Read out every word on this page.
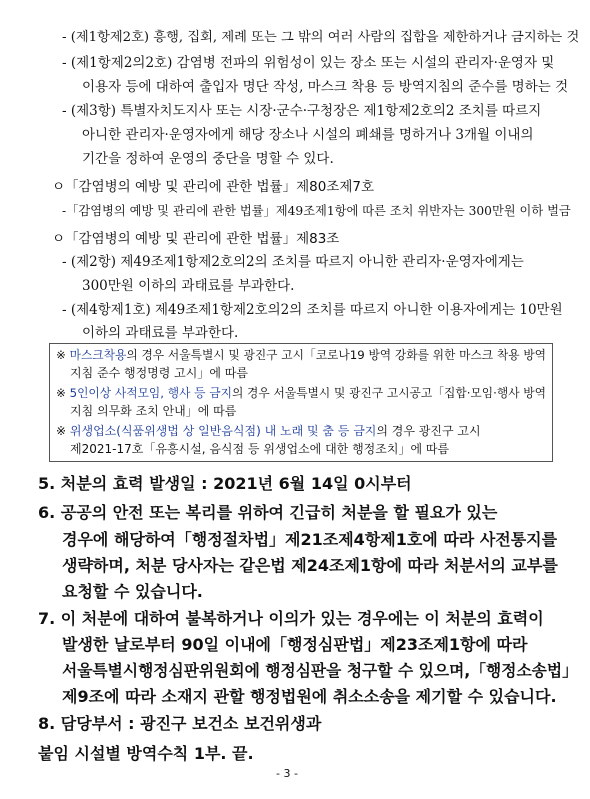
- (제1항제2호) 흥행, 집회, 제례 또는 그 밖의 여러 사람의 집합을 제한하거나 금지하는 것
- (제1항제2의2호) 감염병 전파의 위험성이 있는 장소 또는 시설의 관리자·운영자 및
이용자 등에 대하여 출입자 명단 작성, 마스크 착용 등 방역지침의 준수를 명하는 것
- (제3항) 특별자치도지사 또는 시장·군수·구청장은 제1항제2호의2 조치를 따르지
아니한 관리자·운영자에게 해당 장소나 시설의 폐쇄를 명하거나 3개월 이내의
기간을 정하여 운영의 중단을 명할 수 있다.
ㅇ「감염병의 예방 및 관리에 관한 법률」제80조제7호
-「감염병의 예방 및 관리에 관한 법률」제49조제1항에 따른 조치 위반자는 300만원 이하 벌금
ㅇ「감염병의 예방 및 관리에 관한 법률」제83조
- (제2항) 제49조제1항제2호의2의 조치를 따르지 아니한 관리자·운영자에게는
300만원 이하의 과태료를 부과한다.
- (제4항제1호) 제49조제1항제2호의2의 조치를 따르지 아니한 이용자에게는 10만원
이하의 과태료를 부과한다.
※ 마스크착용의 경우 서울특별시 및 광진구 고시「코로나19 방역 강화를 위한 마스크 착용 방역
지침 준수 행정명령 고시」에 따름
※ 5인이상 사적모임, 행사 등 금지의 경우 서울특별시 및 광진구 고시공고「집합·모임·행사 방역
지침 의무화 조치 안내」에 따름
※ 위생업소(식품위생법 상 일반음식점) 내 노래 및 춤 등 금지의 경우 광진구 고시
제2021-17호「유흥시설, 음식점 등 위생업소에 대한 행정조치」에 따름
5. 처분의 효력 발생일 : 2021년 6월 14일 0시부터
6. 공공의 안전 또는 복리를 위하여 긴급히 처분을 할 필요가 있는
경우에 해당하여「행정절차법」제21조제4항제1호에 따라 사전통지를
생략하며, 처분 당사자는 같은법 제24조제1항에 따라 처분서의 교부를
요청할 수 있습니다.
7. 이 처분에 대하여 불복하거나 이의가 있는 경우에는 이 처분의 효력이
발생한 날로부터 90일 이내에「행정심판법」제23조제1항에 따라
서울특별시행정심판위원회에 행정심판을 청구할 수 있으며,「행정소송법」
제9조에 따라 소재지 관할 행정법원에 취소소송을 제기할 수 있습니다.
8. 담당부서 : 광진구 보건소 보건위생과
붙임 시설별 방역수칙 1부. 끝.
- 3 -
